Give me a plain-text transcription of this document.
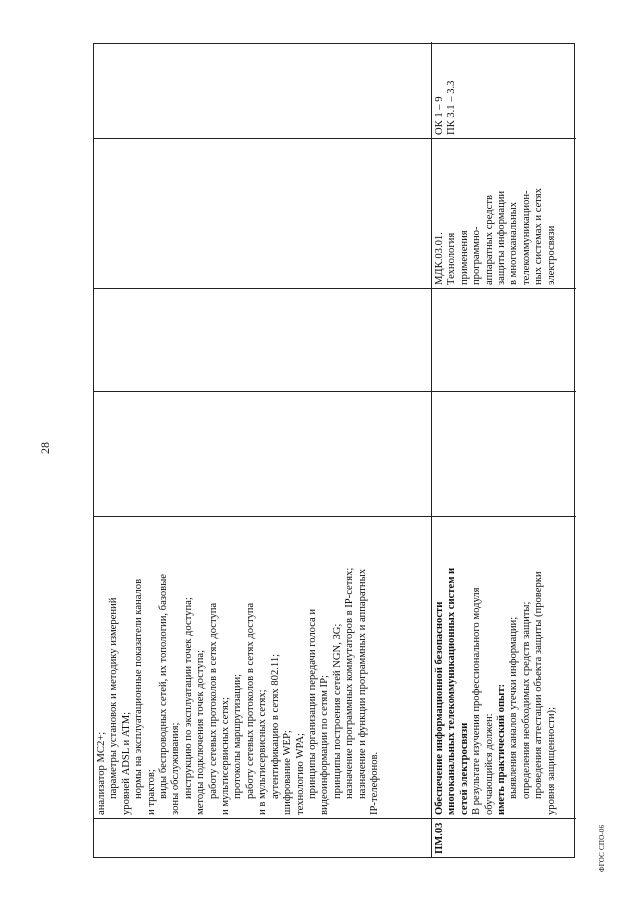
28
ФГОС СПО-06
анализатор МС2+; параметры установок и методику измерений уровней ADSL и ATM; нормы на эксплуатационные показатели каналов и трактов; виды беспроводных сетей, их топологии, базовые зоны обслуживания; инструкцию по эксплуатации точек доступа; методы подключения точек доступа; работу сетевых протоколов в сетях доступа и мультисервисных сетях; протоколы маршрутизации; работу сетевых протоколов в сетях доступа и в мультисервисных сетях; аутентификацию в сетях 802.11; шифрование WEP; технологию WPA; принципы организации передачи голоса и видеоинформации по сетям IP; принципы построения сетей NGN, 3G; назначение программных коммутаторов в IP-сетях; назначение и функции программных и аппаратных IP-телефонов.
ПМ.03
Обеспечение информационной безопасности многоканальных телекоммуникационных систем и сетей электросвязи В результате изучения профессионального модуля обучающийся должен: иметь практический опыт: выявления каналов утечки информации; определения необходимых средств защиты; проведения аттестации объекта защиты (проверки уровня защищенности);
МДК.03.01. Технология применения программно- аппаратных средств защиты информации в многоканальных телекоммуникацион- ных системах и сетях электросвязи
ОК 1 – 9 ПК 3.1 – 3.3
